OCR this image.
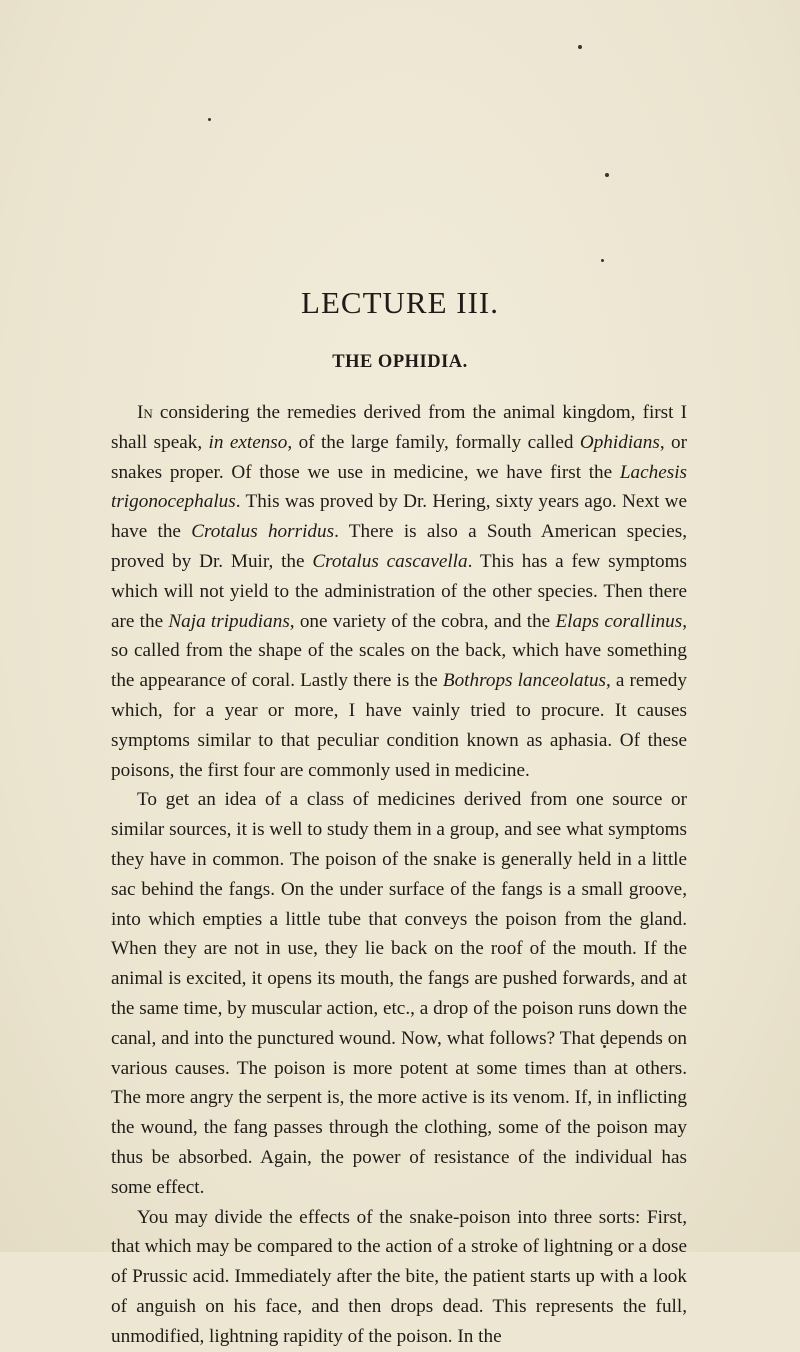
LECTURE III.
THE OPHIDIA.

In considering the remedies derived from the animal kingdom, first I shall speak, in extenso, of the large family, formally called Ophidians, or snakes proper. Of those we use in medicine, we have first the Lachesis trigonocephalus. This was proved by Dr. Hering, sixty years ago. Next we have the Crotalus horridus. There is also a South American species, proved by Dr. Muir, the Crotalus cascavella. This has a few symptoms which will not yield to the administration of the other species. Then there are the Naja tripudians, one variety of the cobra, and the Elaps corallinus, so called from the shape of the scales on the back, which have something the appearance of coral. Lastly there is the Bothrops lanceolatus, a remedy which, for a year or more, I have vainly tried to procure. It causes symptoms similar to that peculiar condition known as aphasia. Of these poisons, the first four are commonly used in medicine.

To get an idea of a class of medicines derived from one source or similar sources, it is well to study them in a group, and see what symptoms they have in common. The poison of the snake is generally held in a little sac behind the fangs. On the under surface of the fangs is a small groove, into which empties a little tube that conveys the poison from the gland. When they are not in use, they lie back on the roof of the mouth. If the animal is excited, it opens its mouth, the fangs are pushed forwards, and at the same time, by muscular action, etc., a drop of the poison runs down the canal, and into the punctured wound. Now, what follows? That depends on various causes. The poison is more potent at some times than at others. The more angry the serpent is, the more active is its venom. If, in inflicting the wound, the fang passes through the clothing, some of the poison may thus be absorbed. Again, the power of resistance of the individual has some effect.

You may divide the effects of the snake-poison into three sorts: First, that which may be compared to the action of a stroke of lightning or a dose of Prussic acid. Immediately after the bite, the patient starts up with a look of anguish on his face, and then drops dead. This represents the full, unmodified, lightning rapidity of the poison. In the
